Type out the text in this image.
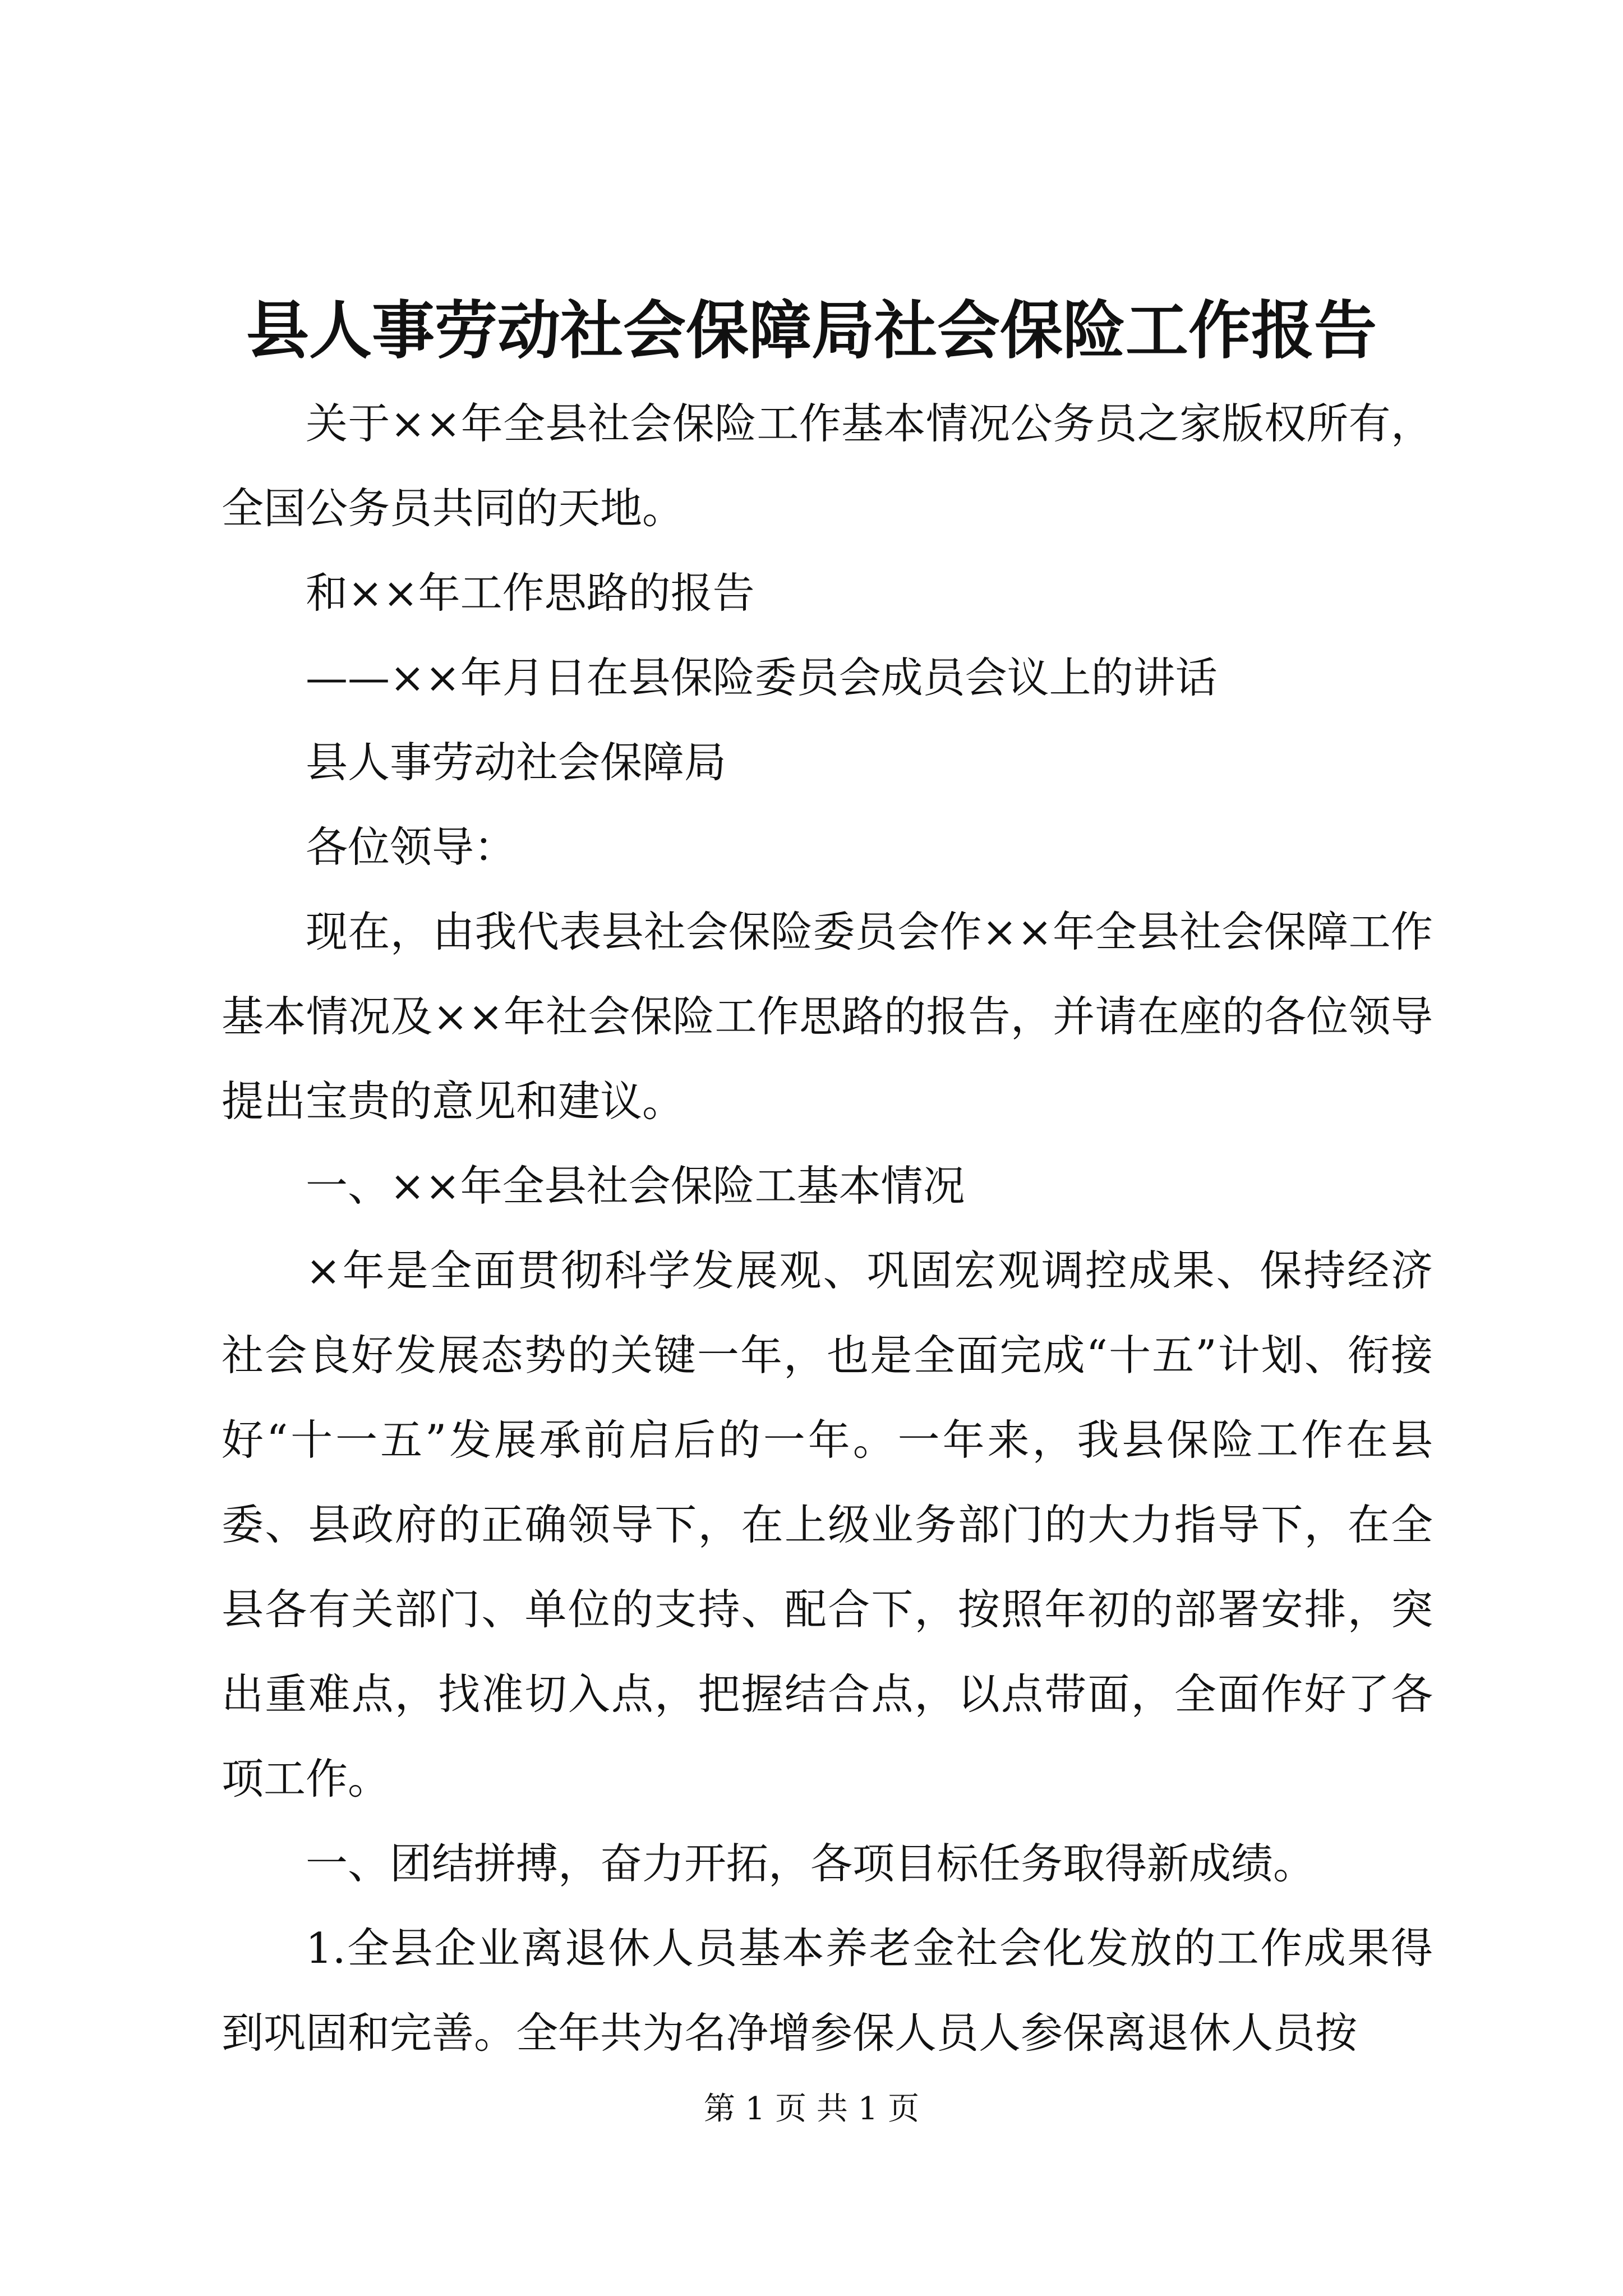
县人事劳动社会保障局社会保险工作报告

关于××年全县社会保险工作基本情况公务员之家版权所有，全国公务员共同的天地。

和××年工作思路的报告

——××年月日在县保险委员会成员会议上的讲话

县人事劳动社会保障局

各位领导：

现在，由我代表县社会保险委员会作××年全县社会保障工作基本情况及××年社会保险工作思路的报告，并请在座的各位领导提出宝贵的意见和建议。

一、××年全县社会保险工基本情况

×年是全面贯彻科学发展观、巩固宏观调控成果、保持经济社会良好发展态势的关键一年，也是全面完成“十五”计划、衔接好“十一五”发展承前启后的一年。一年来，我县保险工作在县委、县政府的正确领导下，在上级业务部门的大力指导下，在全县各有关部门、单位的支持、配合下，按照年初的部署安排，突出重难点，找准切入点，把握结合点，以点带面，全面作好了各项工作。

一、团结拼搏，奋力开拓，各项目标任务取得新成绩。

1.全县企业离退休人员基本养老金社会化发放的工作成果得到巩固和完善。全年共为名净增参保人员人参保离退休人员按

第 1 页 共 1 页
